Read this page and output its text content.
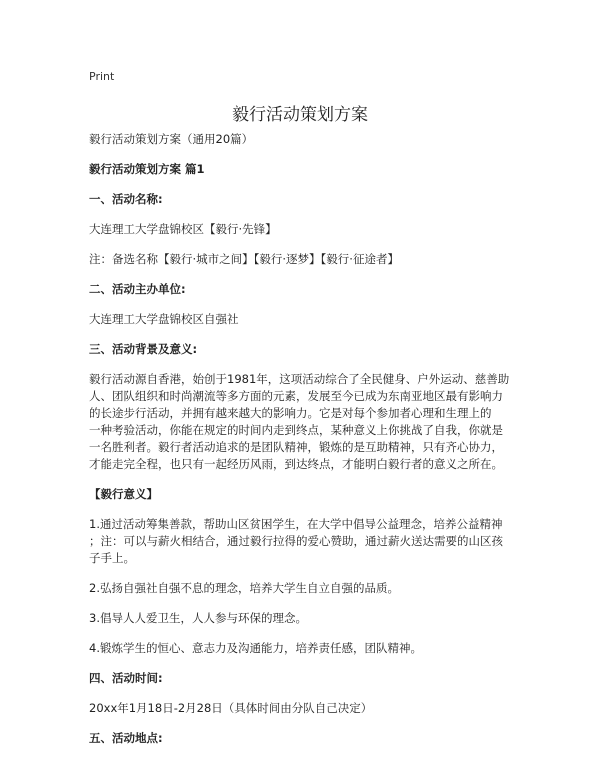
Print
毅行活动策划方案

毅行活动策划方案（通用20篇）

毅行活动策划方案 篇1

一、活动名称:

大连理工大学盘锦校区【毅行·先锋】

注：备选名称【毅行·城市之间】【毅行·逐梦】【毅行·征途者】

二、活动主办单位:

大连理工大学盘锦校区自强社

三、活动背景及意义:

毅行活动源自香港，始创于1981年，这项活动综合了全民健身、户外运动、慈善助
人、团队组织和时尚潮流等多方面的元素，发展至今已成为东南亚地区最有影响力
的长途步行活动，并拥有越来越大的影响力。它是对每个参加者心理和生理上的
一种考验活动，你能在规定的时间内走到终点，某种意义上你挑战了自我，你就是
一名胜利者。毅行者活动追求的是团队精神，锻炼的是互助精神，只有齐心协力，
才能走完全程，也只有一起经历风雨，到达终点，才能明白毅行者的意义之所在。

【毅行意义】

1.通过活动筹集善款，帮助山区贫困学生，在大学中倡导公益理念，培养公益精神
；注：可以与薪火相结合，通过毅行拉得的爱心赞助，通过薪火送达需要的山区孩
子手上。
2.弘扬自强社自强不息的理念，培养大学生自立自强的品质。
3.倡导人人爱卫生，人人参与环保的理念。
4.锻炼学生的恒心、意志力及沟通能力，培养责任感，团队精神。

四、活动时间:

20xx年1月18日-2月28日（具体时间由分队自己决定）

五、活动地点:
